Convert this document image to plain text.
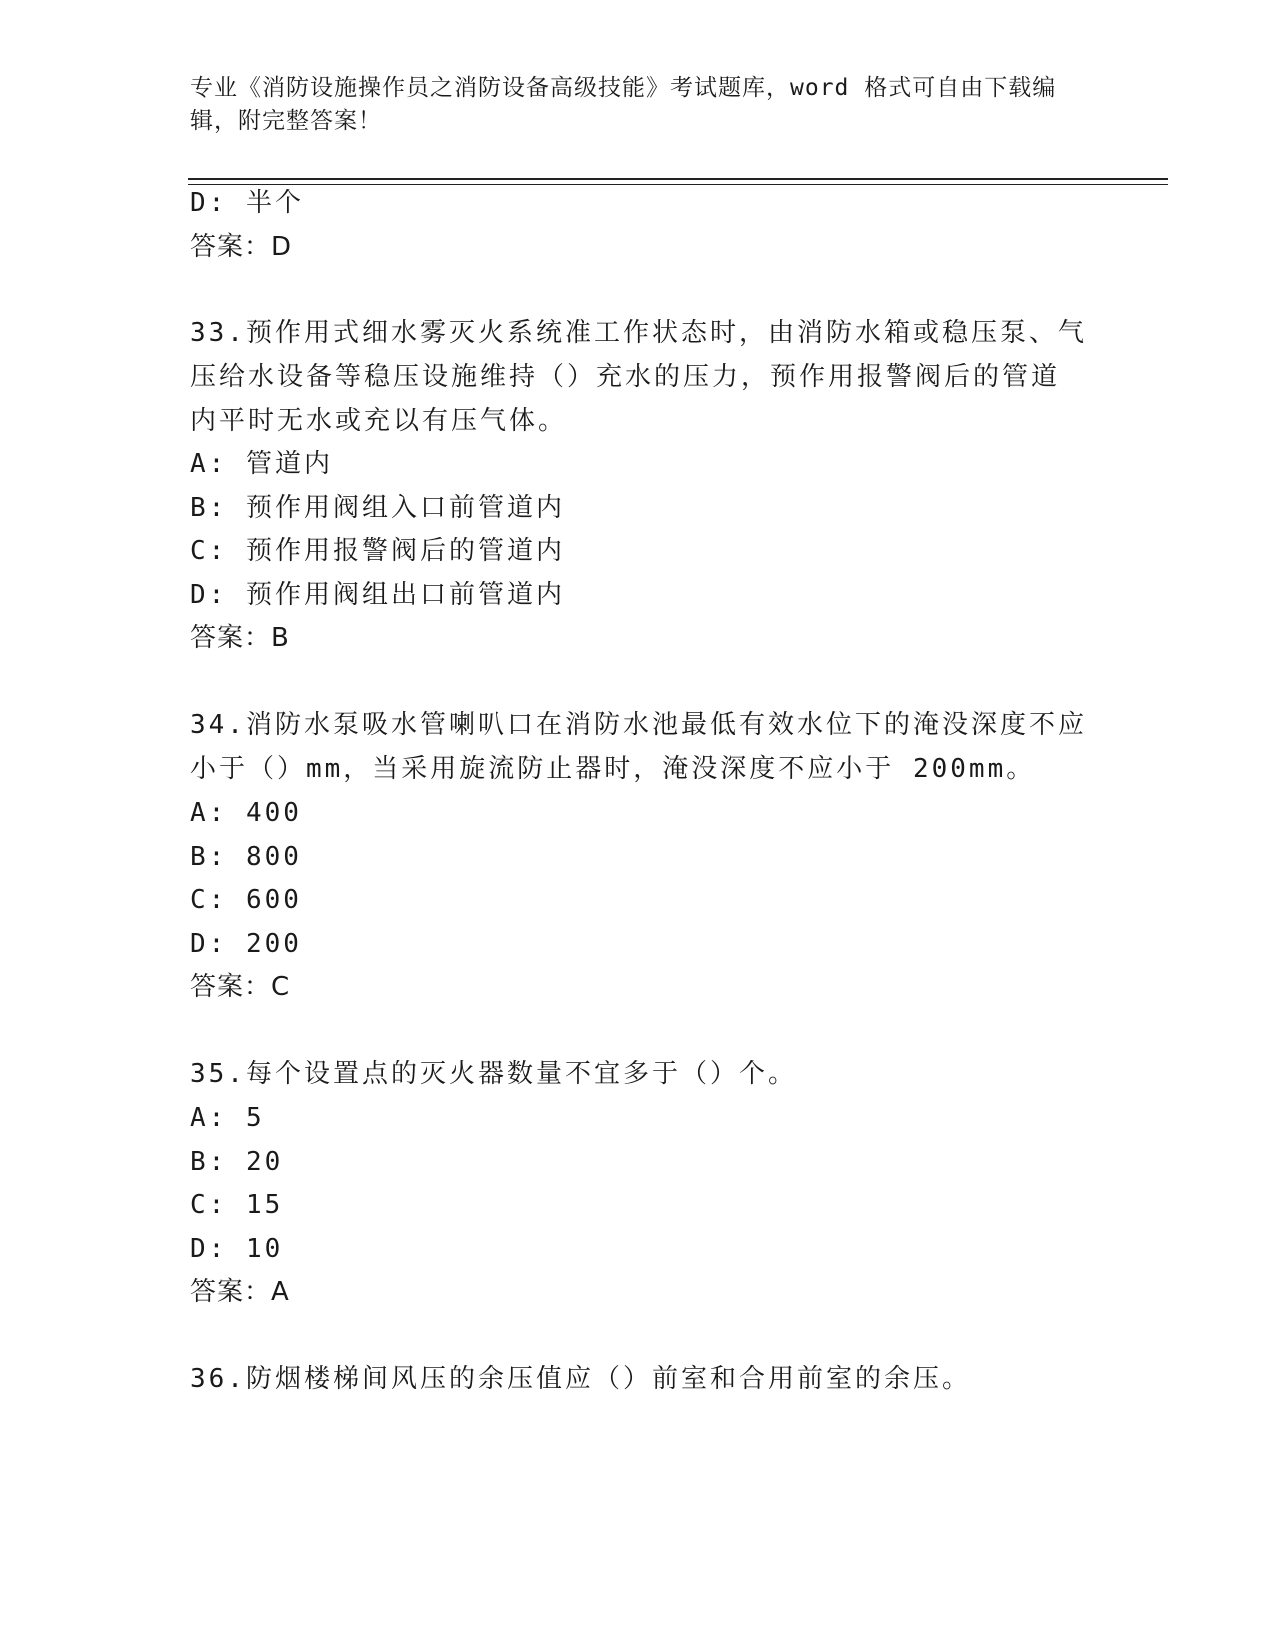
专业《消防设施操作员之消防设备高级技能》考试题库，word 格式可自由下载编
辑，附完整答案！
D: 半个
答案：D
33.预作用式细水雾灭火系统准工作状态时，由消防水箱或稳压泵、气
压给水设备等稳压设施维持（）充水的压力，预作用报警阀后的管道
内平时无水或充以有压气体。
A: 管道内
B: 预作用阀组入口前管道内
C: 预作用报警阀后的管道内
D: 预作用阀组出口前管道内
答案：B
34.消防水泵吸水管喇叭口在消防水池最低有效水位下的淹没深度不应
小于（）mm，当采用旋流防止器时，淹没深度不应小于 200mm。
A: 400
B: 800
C: 600
D: 200
答案：C
35.每个设置点的灭火器数量不宜多于（）个。
A: 5
B: 20
C: 15
D: 10
答案：A
36.防烟楼梯间风压的余压值应（）前室和合用前室的余压。
